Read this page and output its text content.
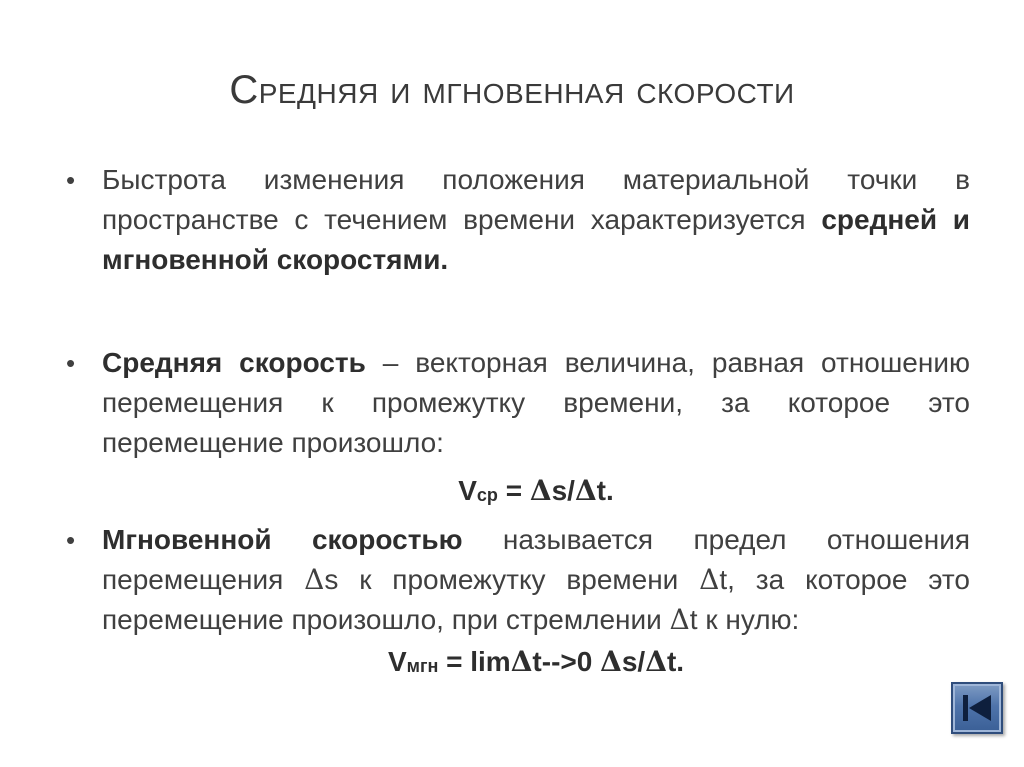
Средняя и мгновенная скорости
• Быстрота изменения положения материальной точки в пространстве с течением времени характеризуется средней и мгновенной скоростями.
• Средняя скорость – векторная величина, равная отношению перемещения к промежутку времени, за которое это перемещение произошло:
Vср = Δs/Δt.
• Мгновенной скоростью называется предел отношения перемещения Δs к промежутку времени Δt, за которое это перемещение произошло, при стремлении Δt к нулю:
Vмгн = limΔt-->0 Δs/Δt.
